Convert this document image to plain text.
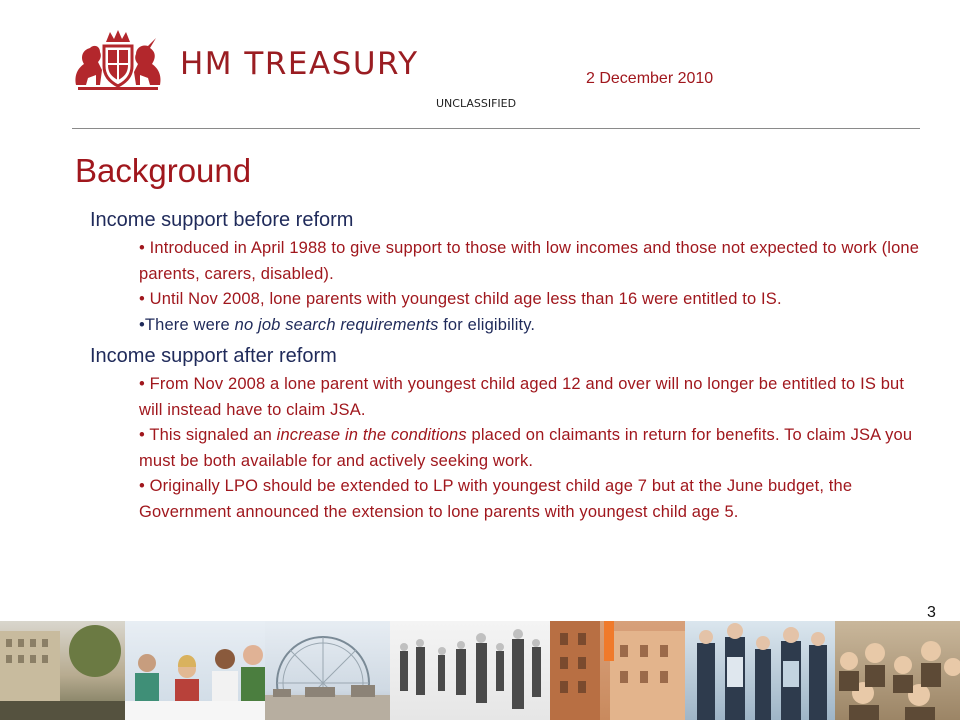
HM TREASURY	2 December 2010
UNCLASSIFIED
Background

Income support before reform

• Introduced in April 1988 to give support to those with low incomes and those not expected to work (lone parents, carers, disabled).
• Until Nov 2008, lone parents with youngest child age less than 16 were entitled to IS.
•There were no job search requirements for eligibility.

Income support after reform

• From Nov 2008 a lone parent with youngest child aged 12 and over will no longer be entitled to IS but will instead have to claim JSA.
• This signaled an increase in the conditions placed on claimants in return for benefits. To claim JSA you must be both available for and actively seeking work.
• Originally LPO should be extended to LP with youngest child age 7 but at the June budget, the Government announced the extension to lone parents with youngest child age 5.
3
